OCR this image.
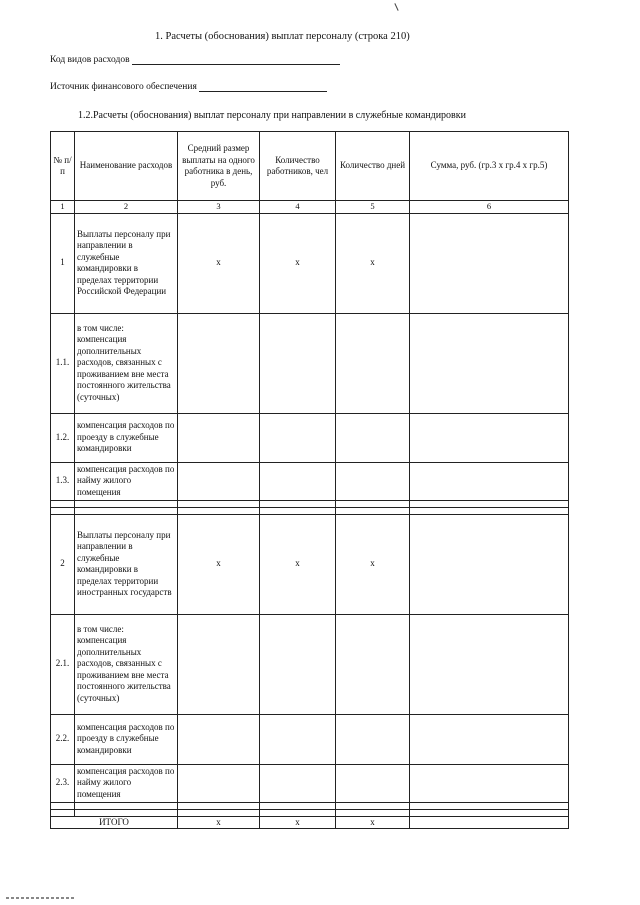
1. Расчеты (обоснования) выплат персоналу (строка 210)
Код видов расходов
Источник финансового обеспечения
1.2.Расчеты (обоснования) выплат персоналу при направлении в служебные командировки
№ п/п	Наименование расходов	Средний размер выплаты на одного работника в день, руб.	Количество работников, чел	Количество дней	Сумма, руб. (гр.3 х гр.4 х гр.5)
1	2	3	4	5	6
1	Выплаты персоналу при направлении в служебные командировки в пределах территории Российской Федерации	x	x	x	
1.1.	в том числе: компенсация дополнительных расходов, связанных с проживанием вне места постоянного жительства (суточных)				
1.2.	компенсация расходов по проезду в служебные командировки				
1.3.	компенсация расходов по найму жилого помещения				

2	Выплаты персоналу при направлении в служебные командировки в пределах территории иностранных государств	x	x	x	
2.1.	в том числе: компенсация дополнительных расходов, связанных с проживанием вне места постоянного жительства (суточных)				
2.2.	компенсация расходов по проезду в служебные командировки				
2.3.	компенсация расходов по найму жилого помещения				

ИТОГО		x	x	x	
